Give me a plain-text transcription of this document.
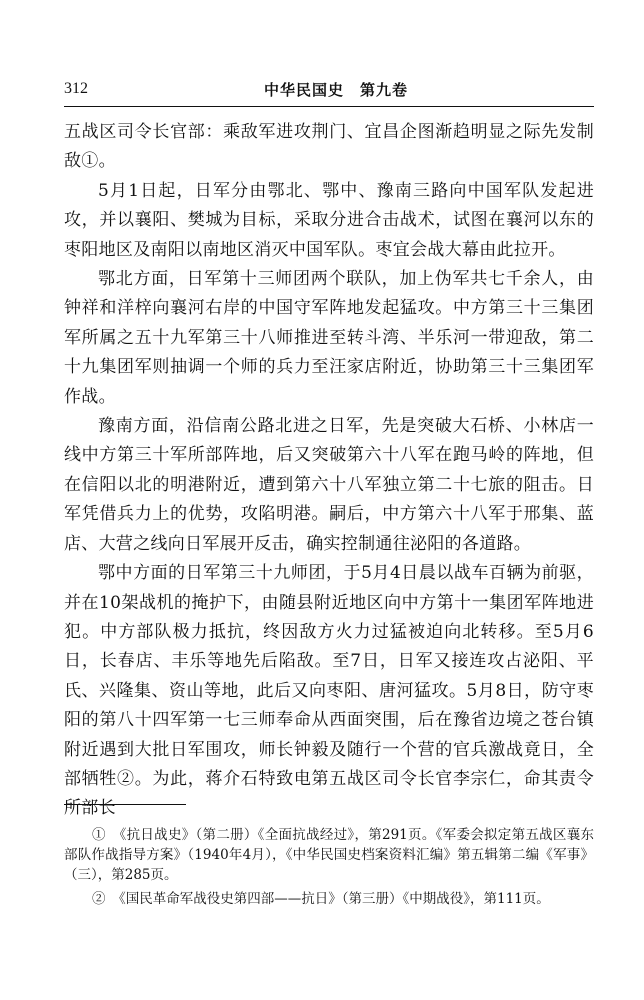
312	中华民国史　第九卷

五战区司令长官部：乘敌军进攻荆门、宜昌企图渐趋明显之际先发制敌①。

5月1日起，日军分由鄂北、鄂中、豫南三路向中国军队发起进攻，并以襄阳、樊城为目标，采取分进合击战术，试图在襄河以东的枣阳地区及南阳以南地区消灭中国军队。枣宜会战大幕由此拉开。

鄂北方面，日军第十三师团两个联队，加上伪军共七千余人，由钟祥和洋梓向襄河右岸的中国守军阵地发起猛攻。中方第三十三集团军所属之五十九军第三十八师推进至转斗湾、半乐河一带迎敌，第二十九集团军则抽调一个师的兵力至汪家店附近，协助第三十三集团军作战。

豫南方面，沿信南公路北进之日军，先是突破大石桥、小林店一线中方第三十军所部阵地，后又突破第六十八军在跑马岭的阵地，但在信阳以北的明港附近，遭到第六十八军独立第二十七旅的阻击。日军凭借兵力上的优势，攻陷明港。嗣后，中方第六十八军于邢集、蓝店、大营之线向日军展开反击，确实控制通往泌阳的各道路。

鄂中方面的日军第三十九师团，于5月4日晨以战车百辆为前驱，并在10架战机的掩护下，由随县附近地区向中方第十一集团军阵地进犯。中方部队极力抵抗，终因敌方火力过猛被迫向北转移。至5月6日，长春店、丰乐等地先后陷敌。至7日，日军又接连攻占泌阳、平氏、兴隆集、资山等地，此后又向枣阳、唐河猛攻。5月8日，防守枣阳的第八十四军第一七三师奉命从西面突围，后在豫省边境之苍台镇附近遇到大批日军围攻，师长钟毅及随行一个营的官兵激战竟日，全部牺牲②。为此，蒋介石特致电第五战区司令长官李宗仁，命其责令所部长

①　《抗日战史》（第二册）《全面抗战经过》，第291页。《军委会拟定第五战区襄东部队作战指导方案》（1940年4月），《中华民国史档案资料汇编》第五辑第二编《军事》（三），第285页。

②　《国民革命军战役史第四部——抗日》（第三册）《中期战役》，第111页。
